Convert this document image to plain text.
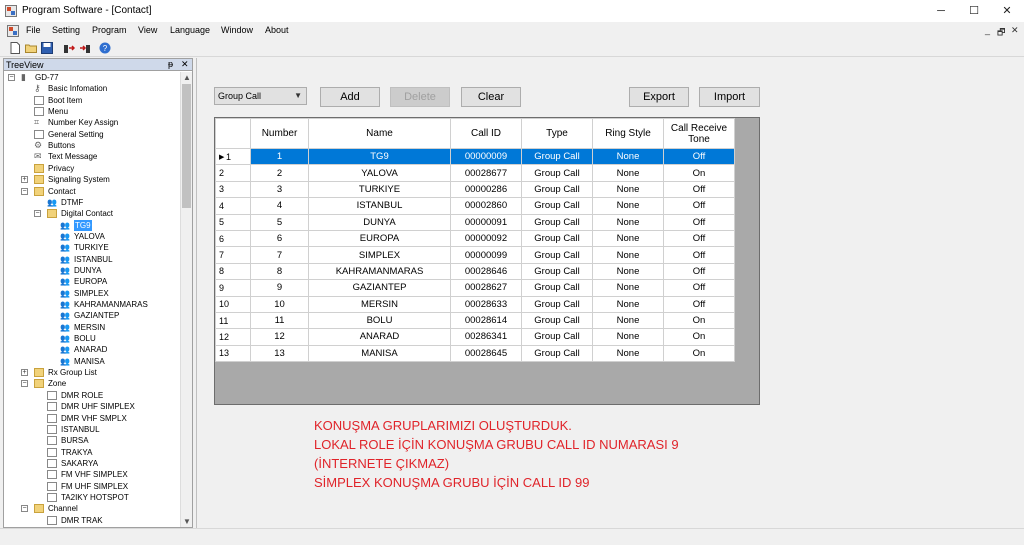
Program Software - [Contact]	─	☐	✕
File Setting Program View Language Window About	_ 🗗 ✕
?
TreeView	ᵽ ✕
− ▮	GD-77
⚷ Basic Infomation
Boot Item
Menu
⌗	Number Key Assign
General Setting
⚙ Buttons
✉ Text Message
Privacy
+	Signaling System
−	Contact
👥 DTMF
−	Digital Contact
👥 TG9
👥 YALOVA
👥 TURKIYE
👥 ISTANBUL
👥 DUNYA
👥 EUROPA
👥 SIMPLEX
👥 KAHRAMANMARAS
👥 GAZIANTEP
👥 MERSIN
👥 BOLU
👥 ANARAD
👥 MANISA
+	Rx Group List
−	Zone
DMR ROLE
DMR UHF SIMPLEX
DMR VHF SMPLX
ISTANBUL
BURSA
TRAKYA
SAKARYA
FM VHF SIMPLEX
FM UHF SIMPLEX
TA2IKY HOTSPOT
−	Channel
DMR TRAK
▲
▼
Group Call	▼	Add	Delete	Clear	Export	Import
	Number	Name	Call ID	Type	Ring Style	Call Receive Tone

▶ 1	1	TG9	00000009	Group Call	None	Off
2	2	YALOVA	00028677	Group Call	None	On
3	3	TURKIYE	00000286	Group Call	None	Off
4	4	ISTANBUL	00002860	Group Call	None	Off
5	5	DUNYA	00000091	Group Call	None	Off
6	6	EUROPA	00000092	Group Call	None	Off
7	7	SIMPLEX	00000099	Group Call	None	Off
8	8	KAHRAMANMARAS	00028646	Group Call	None	Off
9	9	GAZIANTEP	00028627	Group Call	None	Off
10	10	MERSIN	00028633	Group Call	None	Off
11	11	BOLU	00028614	Group Call	None	On
12	12	ANARAD	00286341	Group Call	None	On
13	13	MANISA	00028645	Group Call	None	On
KONUŞMA GRUPLARIMIZI OLUŞTURDUK.
LOKAL ROLE İÇİN KONUŞMA GRUBU CALL ID NUMARASI 9
(İNTERNETE ÇIKMAZ)
SİMPLEX KONUŞMA GRUBU İÇİN CALL ID 99
